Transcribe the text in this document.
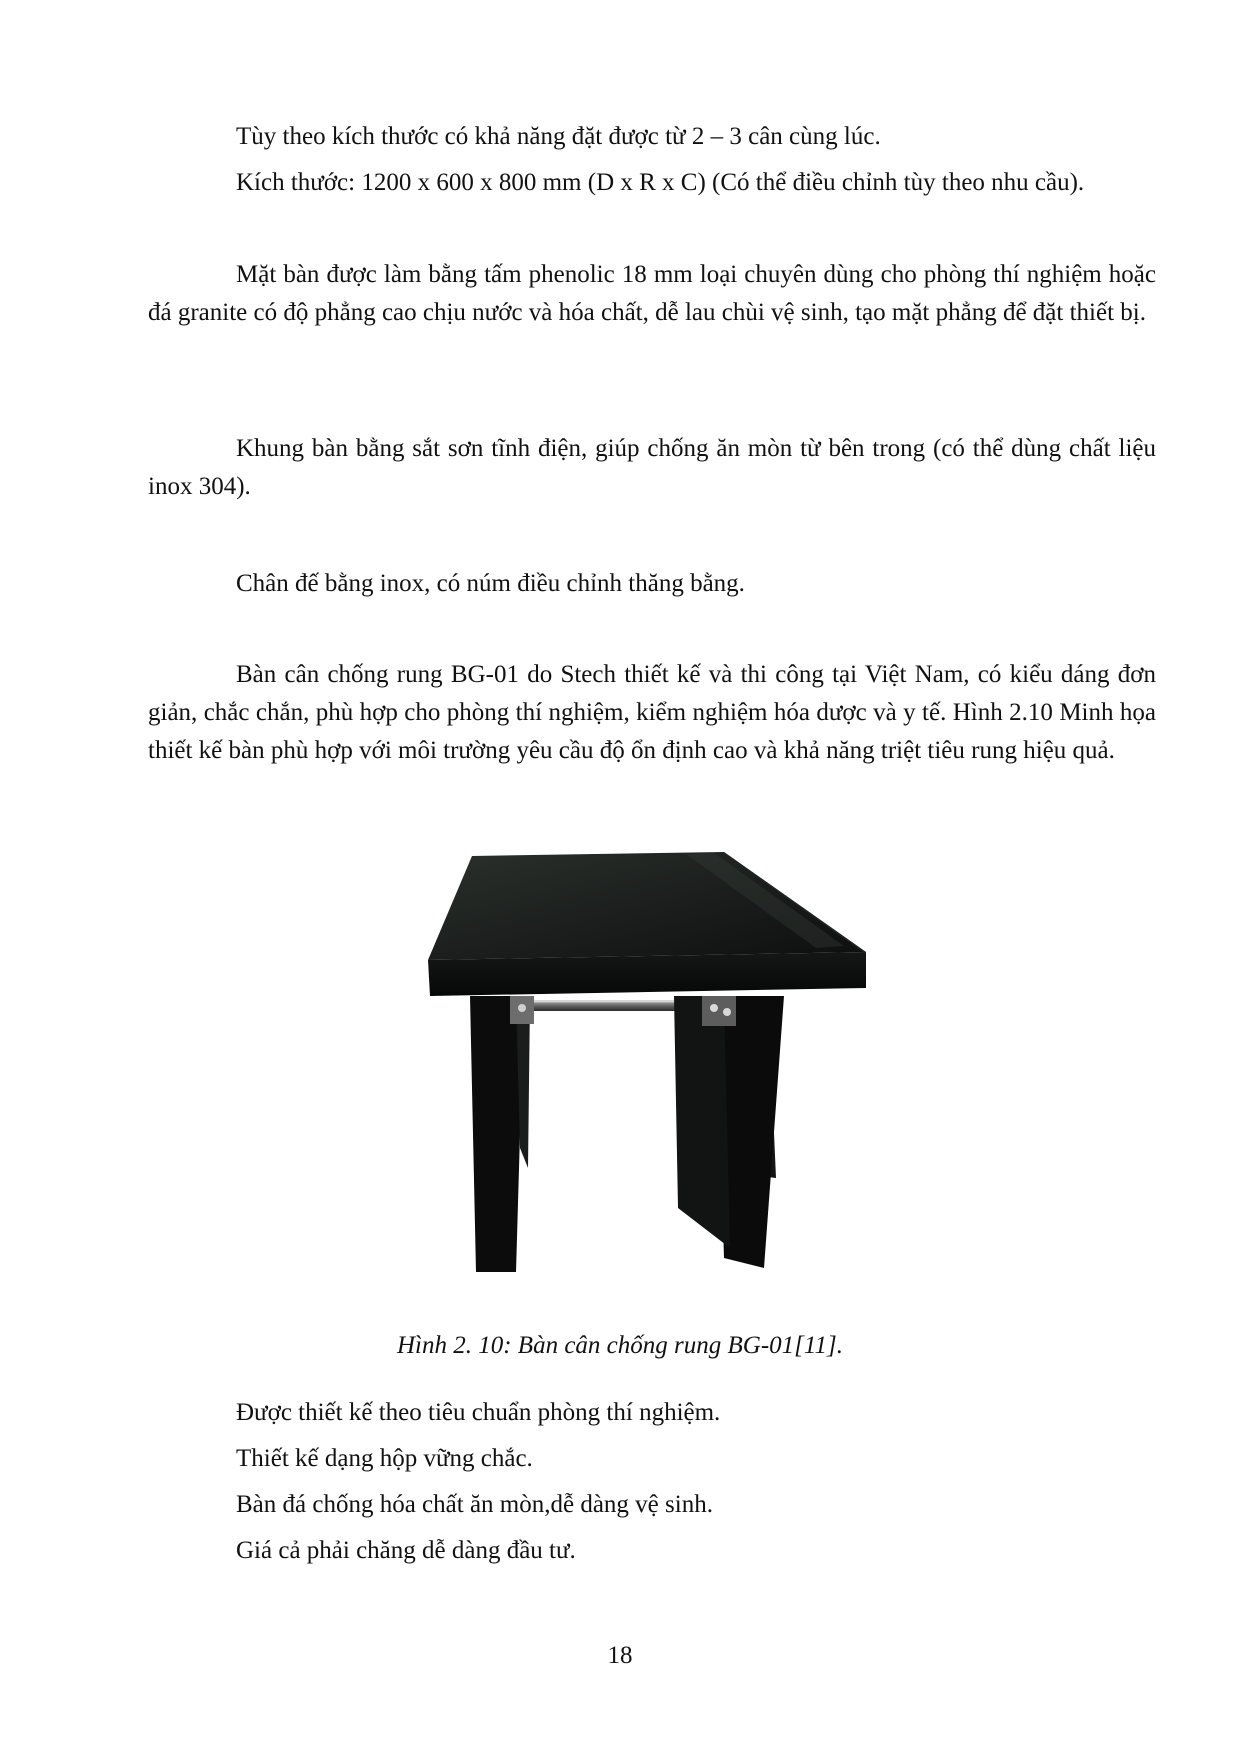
Tùy theo kích thước có khả năng đặt được từ 2 – 3 cân cùng lúc.

Kích thước: 1200 x 600 x 800 mm (D x R x C) (Có thể điều chỉnh tùy theo nhu cầu).

Mặt bàn được làm bằng tấm phenolic 18 mm loại chuyên dùng cho phòng thí nghiệm hoặc đá granite có độ phẳng cao chịu nước và hóa chất, dễ lau chùi vệ sinh, tạo mặt phẳng để đặt thiết bị.

Khung bàn bằng sắt sơn tĩnh điện, giúp chống ăn mòn từ bên trong (có thể dùng chất liệu inox 304).

Chân đế bằng inox, có núm điều chỉnh thăng bằng.

Bàn cân chống rung BG-01 do Stech thiết kế và thi công tại Việt Nam, có kiểu dáng đơn giản, chắc chắn, phù hợp cho phòng thí nghiệm, kiểm nghiệm hóa dược và y tế. Hình 2.10 Minh họa thiết kế bàn phù hợp với môi trường yêu cầu độ ổn định cao và khả năng triệt tiêu rung hiệu quả.

Hình 2. 10: Bàn cân chống rung BG-01[11].

Được thiết kế theo tiêu chuẩn phòng thí nghiệm.

Thiết kế dạng hộp vững chắc.

Bàn đá chống hóa chất ăn mòn,dễ dàng vệ sinh.

Giá cả phải chăng dễ dàng đầu tư.

18
